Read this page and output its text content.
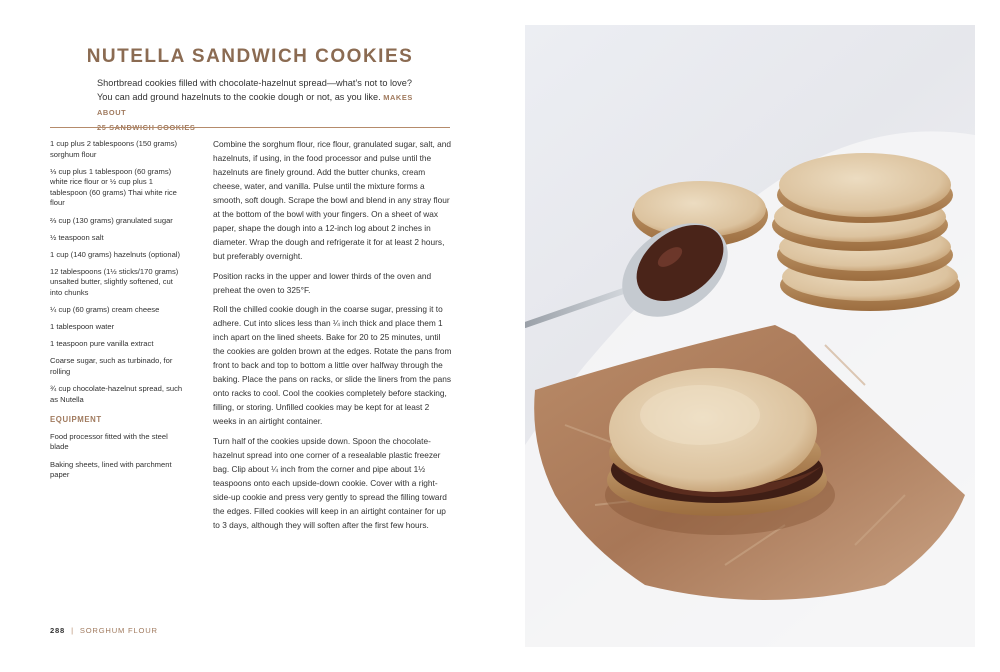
NUTELLA SANDWICH COOKIES
Shortbread cookies filled with chocolate-hazelnut spread—what’s not to love? You can add ground hazelnuts to the cookie dough or not, as you like. MAKES ABOUT
25 SANDWICH COOKIES
1 cup plus 2 tablespoons (150 grams) sorghum flour
⅓ cup plus 1 tablespoon (60 grams) white rice flour or ½ cup plus 1 tablespoon (60 grams) Thai white rice flour
⅔ cup (130 grams) granulated sugar
½ teaspoon salt
1 cup (140 grams) hazelnuts (optional)
12 tablespoons (1½ sticks/170 grams) unsalted butter, slightly softened, cut into chunks
¼ cup (60 grams) cream cheese
1 tablespoon water
1 teaspoon pure vanilla extract
Coarse sugar, such as turbinado, for rolling
¾ cup chocolate-hazelnut spread, such as Nutella
EQUIPMENT
Food processor fitted with the steel blade
Baking sheets, lined with parchment paper

Combine the sorghum flour, rice flour, granulated sugar, salt, and hazelnuts, if using, in the food processor and pulse until the hazelnuts are finely ground. Add the butter chunks, cream cheese, water, and vanilla. Pulse until the mixture forms a smooth, soft dough. Scrape the bowl and blend in any stray flour at the bottom of the bowl with your fingers. On a sheet of wax paper, shape the dough into a 12-inch log about 2 inches in diameter. Wrap the dough and refrigerate it for at least 2 hours, but preferably overnight.

Position racks in the upper and lower thirds of the oven and preheat the oven to 325°F.

Roll the chilled cookie dough in the coarse sugar, pressing it to adhere. Cut into slices less than ¼ inch thick and place them 1 inch apart on the lined sheets. Bake for 20 to 25 minutes, until the cookies are golden brown at the edges. Rotate the pans from front to back and top to bottom a little over halfway through the baking. Place the pans on racks, or slide the liners from the pans onto racks to cool. Cool the cookies completely before stacking, filling, or storing. Unfilled cookies may be kept for at least 2 weeks in an airtight container.

Turn half of the cookies upside down. Spoon the chocolate-hazelnut spread into one corner of a resealable plastic freezer bag. Clip about ¼ inch from the corner and pipe about 1½ teaspoons onto each upside-down cookie. Cover with a right-side-up cookie and press very gently to spread the filling toward the edges. Filled cookies will keep in an airtight container for up to 3 days, although they will soften after the first few hours.

288 | SORGHUM FLOUR
